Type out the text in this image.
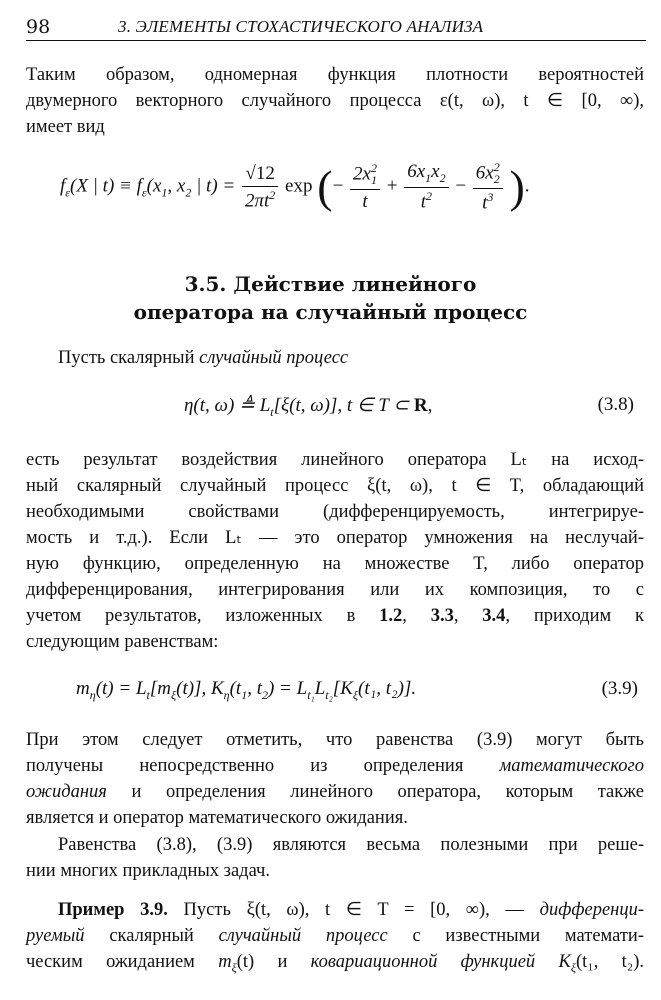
98	3. ЭЛЕМЕНТЫ СТОХАСТИЧЕСКОГО АНАЛИЗА
Таким образом, одномерная функция плотности вероятностей
двумерного векторного случайного процесса ε(t, ω), t ∈ [0, ∞),
имеет вид
$f_\varepsilon(X$ | $t) \equiv f_\varepsilon(x_1$, $x_2$ | $t) = \frac{√12}{2\pi t^2}$ exp (− $\frac{2x^2_1}{t} + \frac{6x_1x_2}{t^2} - \frac{6x^2_2}{t^3}$ ).
3.5. Действие линейного
оператора на случайный процесс
Пусть скалярный случайный процесс
η(t, ω) ≜ $L_t[\xi(t$, ω)], t ∈ T ⊂ R,	(3.8)
есть результат воздействия линейного оператора Lₜ на исход-
ный скалярный случайный процесс ξ(t, ω), t ∈ T, обладающий
необходимыми свойствами (дифференцируемость, интегрируе-
мость и т.д.). Если Lₜ — это оператор умножения на неслучай-
ную функцию, определенную на множестве T, либо оператор
дифференцирования, интегрирования или их композиция, то с
учетом результатов, изложенных в 1.2, 3.3, 3.4, приходим к
следующим равенствам:
$m_\eta(t) = L_t[m_\xi(t)]$, $K_\eta(t_1$, $t_2) = L_{t_1}L_{t_2}[K_\xi(t_1$, t₂)].	(3.9)
При этом следует отметить, что равенства (3.9) могут быть
получены непосредственно из определения математического
ожидания и определения линейного оператора, которым также
является и оператор математического ожидания.
Равенства (3.8), (3.9) являются весьма полезными при реше-
нии многих прикладных задач.
Пример 3.9. Пусть ξ(t, ω), t ∈ T = [0, ∞), — дифференци-
руемый скалярный случайный процесс с известными математи-
ческим ожиданием $m_\xi(t)$ и ковариационной функцией $K_\xi(t_1$, t₂).
